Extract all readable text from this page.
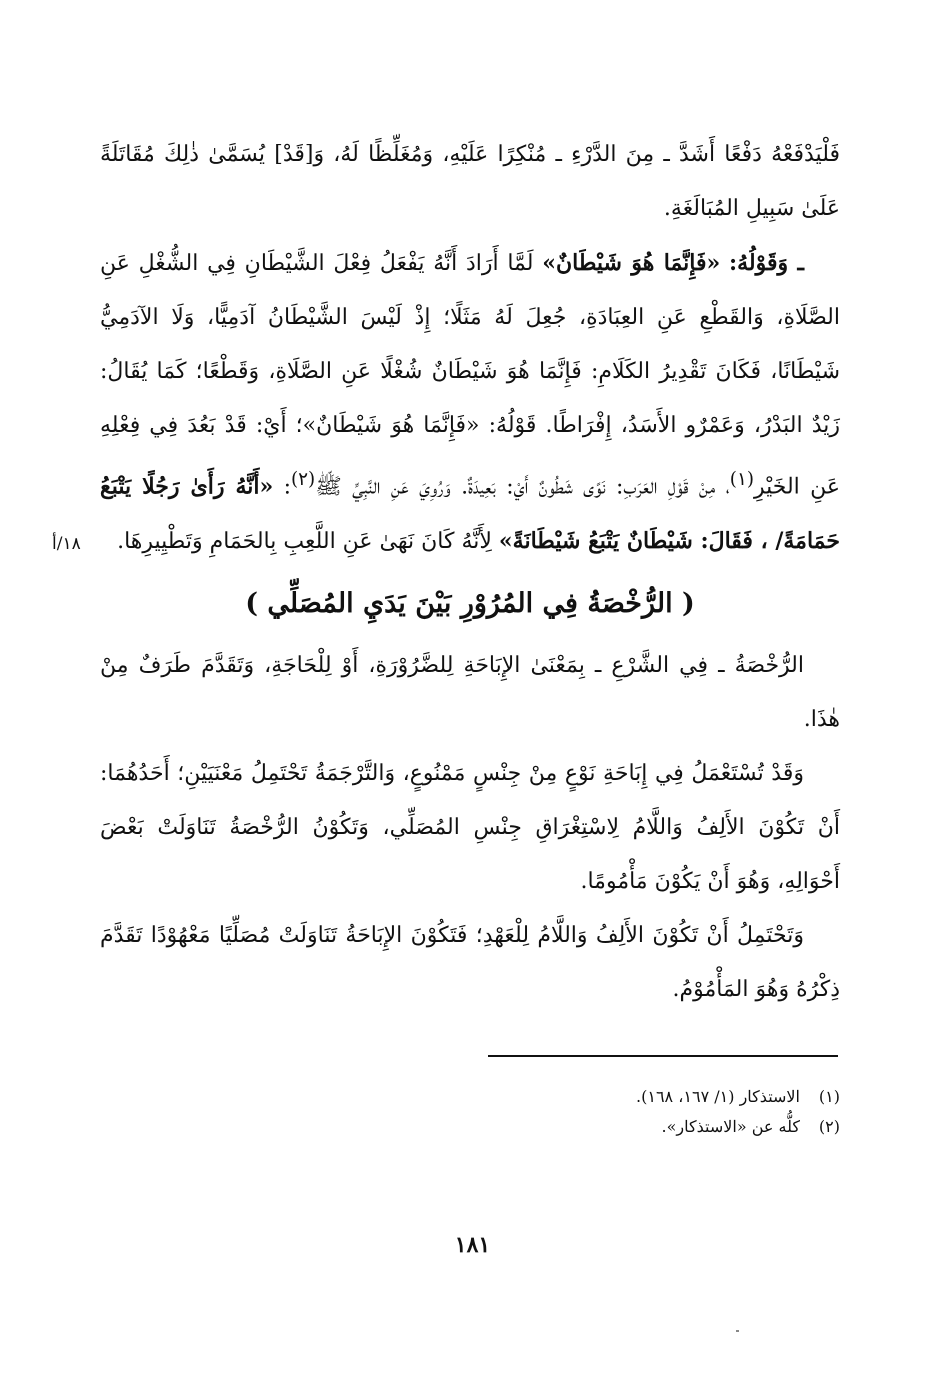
فَلْيَدْفَعْهُ دَفْعًا أَشَدَّ ـ مِنَ الدَّرْءِ ـ مُنْكِرًا عَلَيْهِ، وَمُغَلِّظًا لَهُ، وَ[قَدْ] يُسَمَّىٰ ذٰلِكَ مُقَاتَلَةً عَلَىٰ سَبِيلِ المُبَالَغَةِ.

ـ وَقَوْلُهُ: «فَإِنَّمَا هُوَ شَيْطَانٌ» لَمَّا أَرَادَ أَنَّهُ يَفْعَلُ فِعْلَ الشَّيْطَانِ فِي الشُّغْلِ عَنِ الصَّلَاةِ، وَالقَطْعِ عَنِ العِبَادَةِ، جُعِلَ لَهُ مَثَلًا؛ إِذْ لَيْسَ الشَّيْطَانُ آدَمِيًّا، وَلَا الآدَمِيُّ شَيْطَانًا، فَكَانَ تَقْدِيرُ الكَلَامِ: فَإِنَّمَا هُوَ شَيْطَانٌ شُغْلًا عَنِ الصَّلَاةِ، وَقَطْعًا؛ كَمَا يُقَالُ: زَيْدٌ البَدْرُ، وَعَمْرٌو الأَسَدُ، إِفْرَاطًا. قَوْلُهُ: «فَإِنَّمَا هُوَ شَيْطَانٌ»؛ أَيْ: قَدْ بَعُدَ فِي فِعْلِهِ عَنِ الخَيْرِ$^{(١)}$، مِنْ قَوْلِ العَرَبِ: نَوًى شَطُونٌ أَيْ: بَعِيدَةٌ. وَرُوِيَ عَنِ النَّبِيِّ ﷺ$^{(٢)}$: «أَنَّهُ رَأَىٰ رَجُلًا يَتْبَعُ حَمَامَةً/ ، فَقَالَ: شَيْطَانٌ يَتْبَعُ شَيْطَانَةً» لِأَنَّهُ كَانَ نَهَىٰ عَنِ اللَّعِبِ بِالحَمَامِ وَتَطْيِيرِهَا.

( الرُّخْصَةُ فِي المُرُوْرِ بَيْنَ يَدَيِ المُصَلِّي )

الرُّخْصَةُ ـ فِي الشَّرْعِ ـ بِمَعْنَىٰ الإِبَاحَةِ لِلضَّرُوْرَةِ، أَوْ لِلْحَاجَةِ، وَتَقَدَّمَ طَرَفٌ مِنْ هٰذَا.

وَقَدْ تُسْتَعْمَلُ فِي إِبَاحَةِ نَوْعٍ مِنْ جِنْسٍ مَمْنُوعٍ، وَالتَّرْجَمَةُ تَحْتَمِلُ مَعْنَيَيْنِ؛ أَحَدُهُمَا: أَنْ تَكُوْنَ الأَلِفُ وَاللَّامُ لِاسْتِغْرَاقِ جِنْسِ المُصَلِّي، وَتَكُوْنُ الرُّخْصَةُ تَنَاوَلَتْ بَعْضَ أَحْوَالِهِ، وَهُوَ أَنْ يَكُوْنَ مَأْمُومًا.

وَتَحْتَمِلُ أَنْ تَكُوْنَ الأَلِفُ وَاللَّامُ لِلْعَهْدِ؛ فَتَكُوْنَ الإِبَاحَةُ تَنَاوَلَتْ مُصَلِّيًا مَعْهُوْدًا تَقَدَّمَ ذِكْرُهُ وَهُوَ المَأْمُوْمُ.

١٨/أ

(١)الاستذكار (١/ ١٦٧، ١٦٨).

(٢)كلُّه عن «الاستذكار».

١٨١
